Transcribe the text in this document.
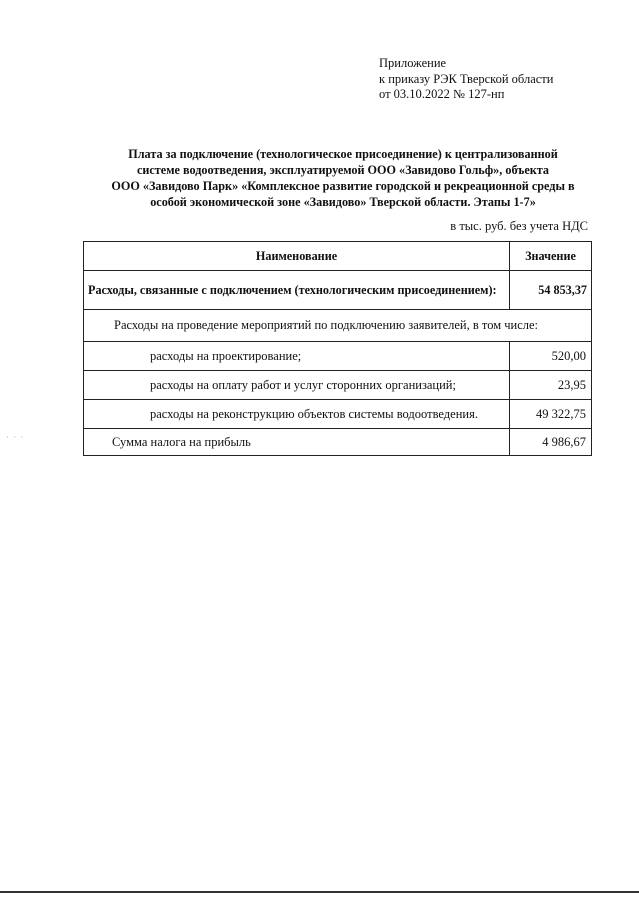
Приложение
к приказу РЭК Тверской области
от 03.10.2022 № 127-нп
Плата за подключение (технологическое присоединение) к централизованной
системе водоотведения, эксплуатируемой ООО «Завидово Гольф», объекта
ООО «Завидово Парк» «Комплексное развитие городской и рекреационной среды в
особой экономической зоне «Завидово» Тверской области. Этапы 1-7»
в тыс. руб. без учета НДС
Наименование	Значение
Расходы, связанные с подключением (технологическим присоединением):	54 853,37
Расходы на проведение мероприятий по подключению заявителей, в том числе:	
расходы на проектирование;	520,00
расходы на оплату работ и услуг сторонних организаций;	23,95
расходы на реконструкцию объектов системы водоотведения.	49 322,75
Сумма налога на прибыль	4 986,67
· · ·
